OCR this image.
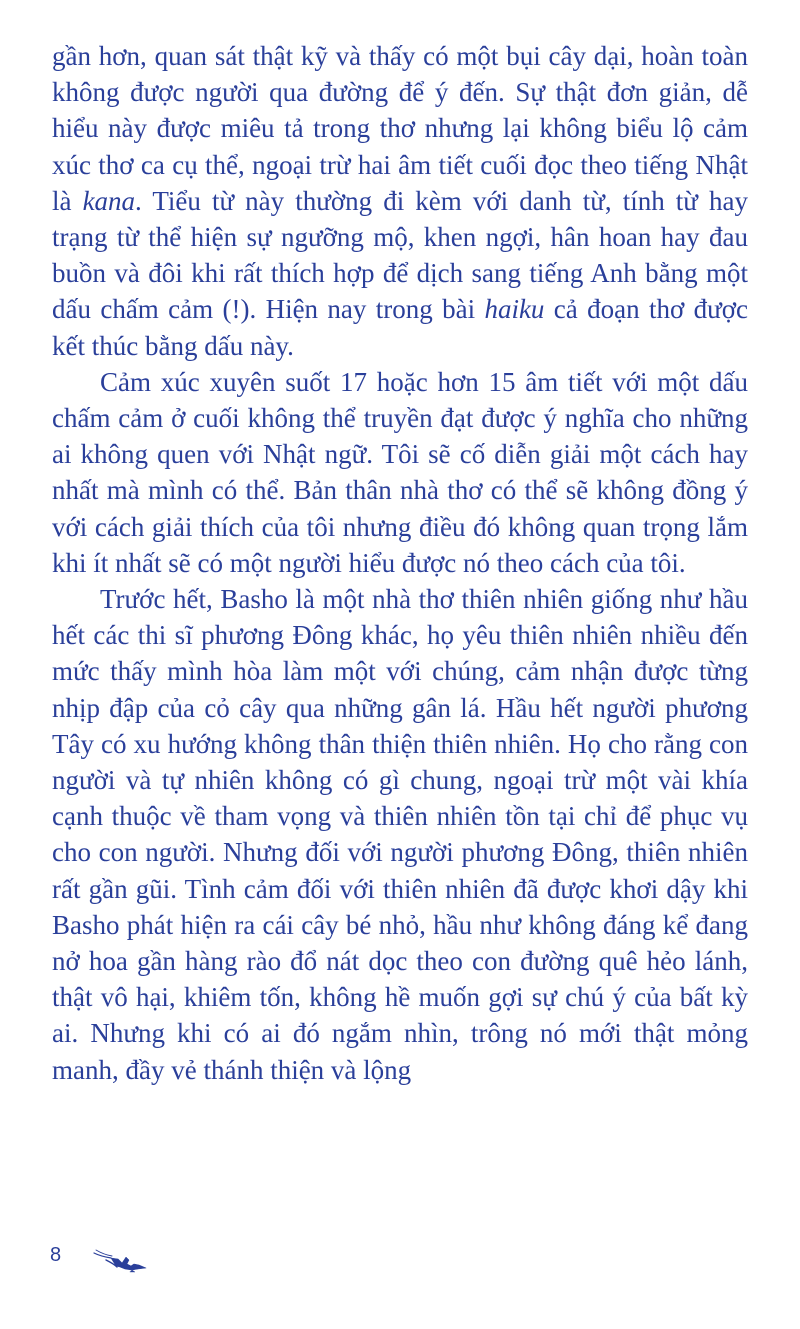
gần hơn, quan sát thật kỹ và thấy có một bụi cây dại, hoàn toàn không được người qua đường để ý đến. Sự thật đơn giản, dễ hiểu này được miêu tả trong thơ nhưng lại không biểu lộ cảm xúc thơ ca cụ thể, ngoại trừ hai âm tiết cuối đọc theo tiếng Nhật là kana. Tiểu từ này thường đi kèm với danh từ, tính từ hay trạng từ thể hiện sự ngưỡng mộ, khen ngợi, hân hoan hay đau buồn và đôi khi rất thích hợp để dịch sang tiếng Anh bằng một dấu chấm cảm (!). Hiện nay trong bài haiku cả đoạn thơ được kết thúc bằng dấu này.

Cảm xúc xuyên suốt 17 hoặc hơn 15 âm tiết với một dấu chấm cảm ở cuối không thể truyền đạt được ý nghĩa cho những ai không quen với Nhật ngữ. Tôi sẽ cố diễn giải một cách hay nhất mà mình có thể. Bản thân nhà thơ có thể sẽ không đồng ý với cách giải thích của tôi nhưng điều đó không quan trọng lắm khi ít nhất sẽ có một người hiểu được nó theo cách của tôi.

Trước hết, Basho là một nhà thơ thiên nhiên giống như hầu hết các thi sĩ phương Đông khác, họ yêu thiên nhiên nhiều đến mức thấy mình hòa làm một với chúng, cảm nhận được từng nhịp đập của cỏ cây qua những gân lá. Hầu hết người phương Tây có xu hướng không thân thiện thiên nhiên. Họ cho rằng con người và tự nhiên không có gì chung, ngoại trừ một vài khía cạnh thuộc về tham vọng và thiên nhiên tồn tại chỉ để phục vụ cho con người. Nhưng đối với người phương Đông, thiên nhiên rất gần gũi. Tình cảm đối với thiên nhiên đã được khơi dậy khi Basho phát hiện ra cái cây bé nhỏ, hầu như không đáng kể đang nở hoa gần hàng rào đổ nát dọc theo con đường quê hẻo lánh, thật vô hại, khiêm tốn, không hề muốn gợi sự chú ý của bất kỳ ai. Nhưng khi có ai đó ngắm nhìn, trông nó mới thật mỏng manh, đầy vẻ thánh thiện và lộng

8
